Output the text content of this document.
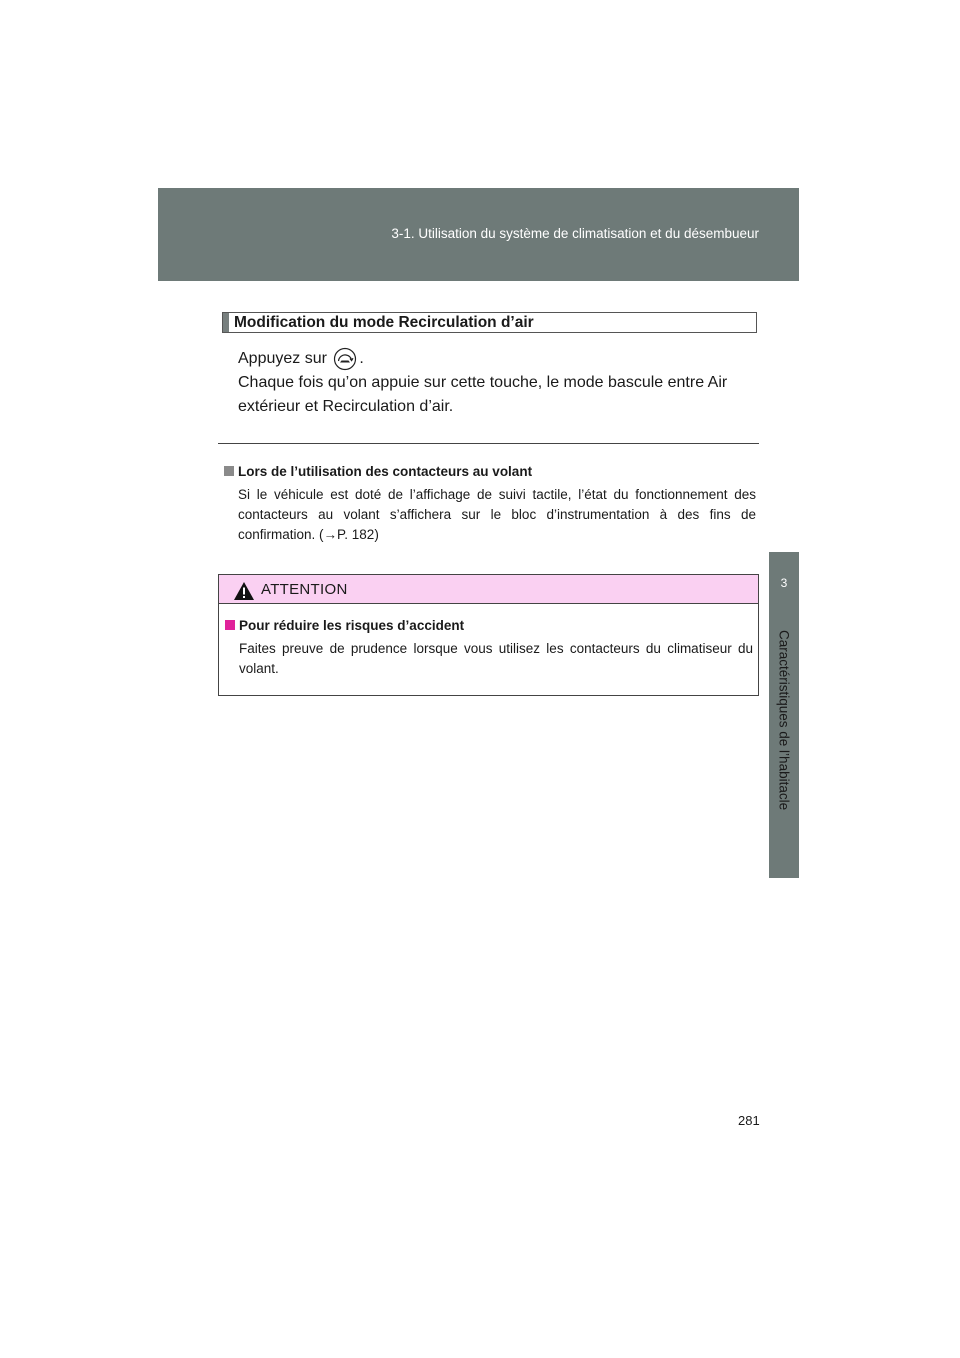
3-1. Utilisation du système de climatisation et du désembueur
3
Caractéristiques de l’habitacle
Modification du mode Recirculation d’air
Appuyez sur .
Chaque fois qu’on appuie sur cette touche, le mode bascule entre Air extérieur et Recirculation d’air.
Lors de l’utilisation des contacteurs au volant
Si le véhicule est doté de l’affichage de suivi tactile, l’état du fonctionnement des contacteurs au volant s’affichera sur le bloc d’instrumentation à des fins de confirmation. (→P. 182)
ATTENTION
Pour réduire les risques d’accident
Faites preuve de prudence lorsque vous utilisez les contacteurs du climatiseur du volant.
281
